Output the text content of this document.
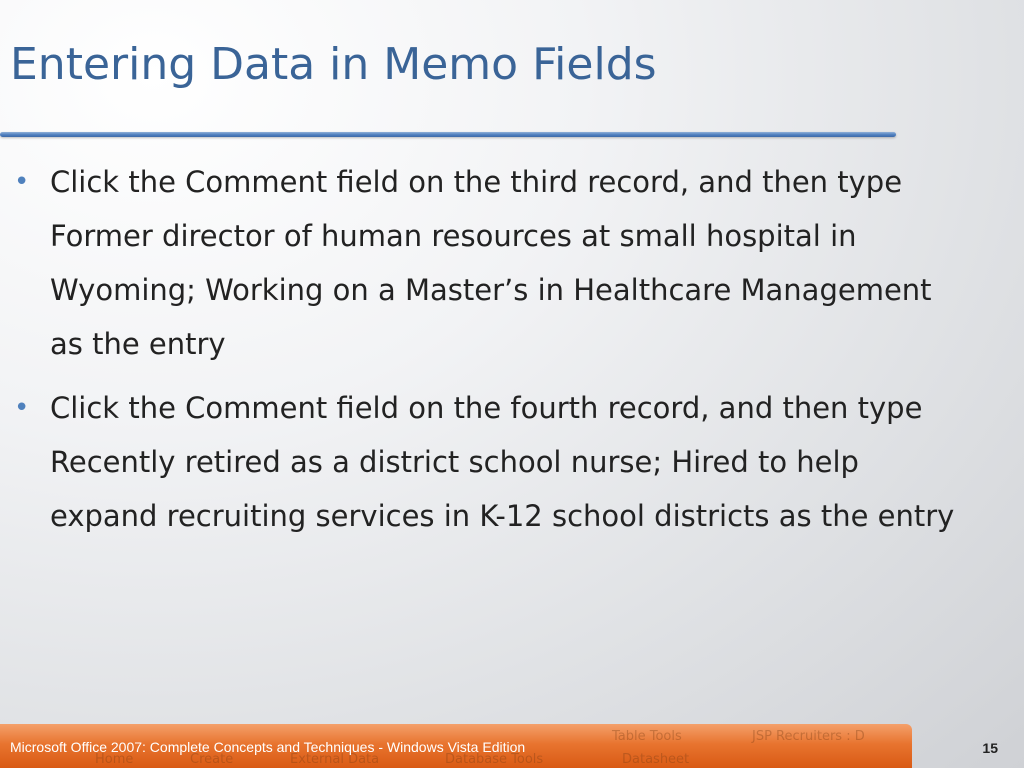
Entering Data in Memo Fields
• Click the Comment field on the third record, and then type Former director of human resources at small hospital in Wyoming; Working on a Master’s in Healthcare Management as the entry
• Click the Comment field on the fourth record, and then type Recently retired as a district school nurse; Hired to help expand recruiting services in K-12 school districts as the entry
Home	Create	External Data	Database Tools	Datasheet
Table Tools	JSP Recruiters : D
Microsoft Office 2007: Complete Concepts and Techniques - Windows Vista Edition	15
